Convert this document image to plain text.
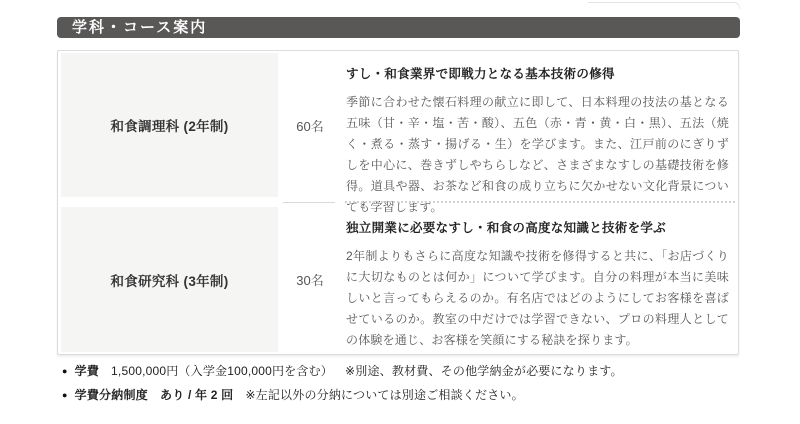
学科・コース案内
和食調理科 (2年制)	60名
すし・和食業界で即戦力となる基本技術の修得
季節に合わせた懐石料理の献立に即して、日本料理の技法の基となる五味（甘・辛・塩・苦・酸）、五色（赤・青・黄・白・黒）、五法（焼く・煮る・蒸す・揚げる・生）を学びます。また、江戸前のにぎりずしを中心に、巻きずしやちらしなど、さまざまなすしの基礎技術を修得。道具や器、お茶など和食の成り立ちに欠かせない文化背景についても学習します。
和食研究科 (3年制)	30名
独立開業に必要なすし・和食の高度な知識と技術を学ぶ
2年制よりもさらに高度な知識や技術を修得すると共に、「お店づくりに大切なものとは何か」について学びます。自分の料理が本当に美味しいと言ってもらえるのか。有名店ではどのようにしてお客様を喜ばせているのか。教室の中だけでは学習できない、プロの料理人としての体験を通じ、お客様を笑顔にする秘訣を探ります。
● 学費 1,500,000円（入学金100,000円を含む） ※別途、教材費、その他学納金が必要になります。
● 学費分納制度　あり / 年 2 回 ※左記以外の分納については別途ご相談ください。
